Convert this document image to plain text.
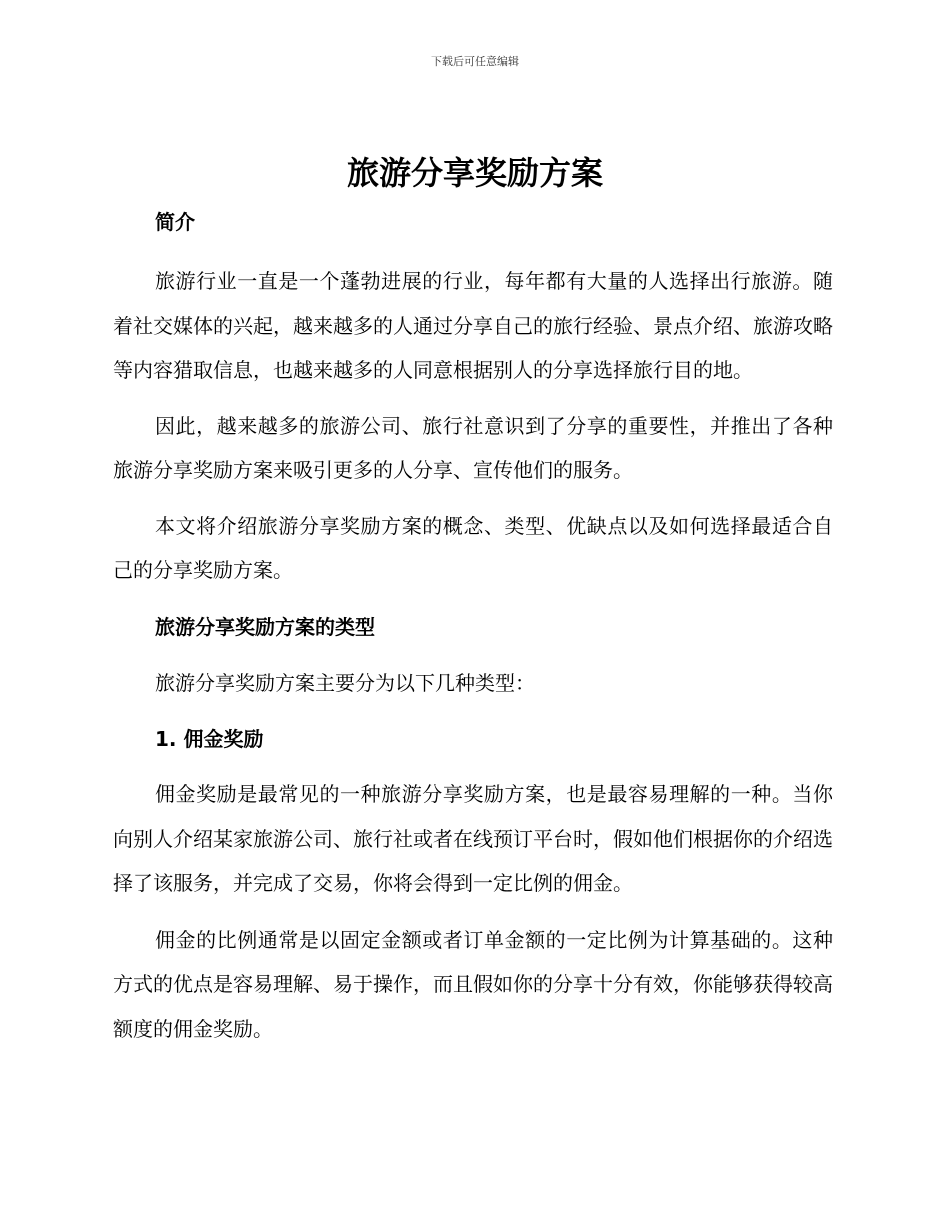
下载后可任意编辑
旅游分享奖励方案

简介

旅游行业一直是一个蓬勃进展的行业，每年都有大量的人选择出行旅游。随着社交媒体的兴起，越来越多的人通过分享自己的旅行经验、景点介绍、旅游攻略等内容猎取信息，也越来越多的人同意根据别人的分享选择旅行目的地。

因此，越来越多的旅游公司、旅行社意识到了分享的重要性，并推出了各种旅游分享奖励方案来吸引更多的人分享、宣传他们的服务。

本文将介绍旅游分享奖励方案的概念、类型、优缺点以及如何选择最适合自己的分享奖励方案。

旅游分享奖励方案的类型

旅游分享奖励方案主要分为以下几种类型：

1. 佣金奖励

佣金奖励是最常见的一种旅游分享奖励方案，也是最容易理解的一种。当你向别人介绍某家旅游公司、旅行社或者在线预订平台时，假如他们根据你的介绍选择了该服务，并完成了交易，你将会得到一定比例的佣金。

佣金的比例通常是以固定金额或者订单金额的一定比例为计算基础的。这种方式的优点是容易理解、易于操作，而且假如你的分享十分有效，你能够获得较高额度的佣金奖励。
